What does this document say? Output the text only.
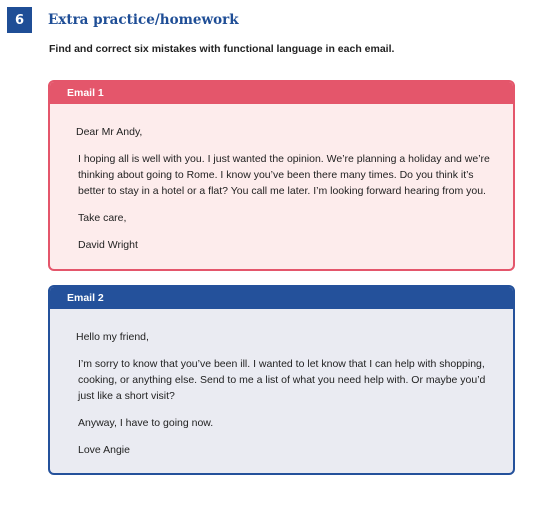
6	Extra practice/homework
Find and correct six mistakes with functional language in each email.
Email 1

Dear Mr Andy,

I hoping all is well with you. I just wanted the opinion. We’re planning a holiday and we’re thinking about going to Rome. I know you’ve been there many times. Do you think it’s better to stay in a hotel or a flat? You call me later. I’m looking forward hearing from you.

Take care,

David Wright

Email 2

Hello my friend,

I’m sorry to know that you’ve been ill. I wanted to let know that I can help with shopping, cooking, or anything else. Send to me a list of what you need help with. Or maybe you’d just like a short visit?

Anyway, I have to going now.

Love Angie
